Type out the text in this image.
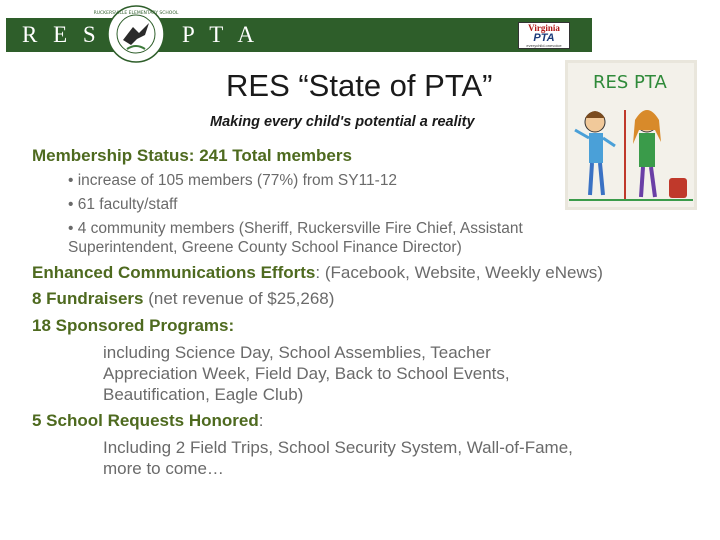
R E S	P T A
RUCKERSVILLE ELEMENTARY SCHOOL
Virginia
PTA
everychild.onevoice
RES “State of PTA”
Making every child's potential a reality
RES PTA
Membership Status: 241 Total members
• increase of 105 members (77%) from SY11-12
• 61 faculty/staff
• 4 community members (Sheriff, Ruckersville Fire Chief, Assistant
Superintendent, Greene County School Finance Director)
Enhanced Communications Efforts: (Facebook, Website, Weekly eNews)
8 Fundraisers (net revenue of $25,268)
18 Sponsored Programs:
including Science Day, School Assemblies, Teacher
Appreciation Week, Field Day, Back to School Events,
Beautification, Eagle Club)
5 School Requests Honored:
Including 2 Field Trips, School Security System, Wall-of-Fame,
more to come…
